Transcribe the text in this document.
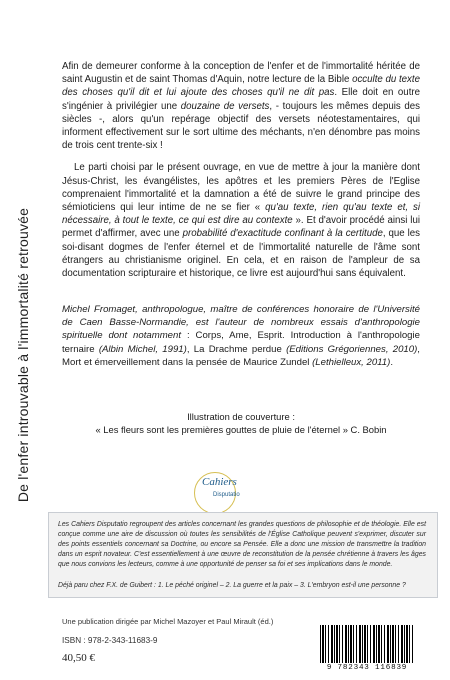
De l'enfer introuvable à l'immortalité retrouvée

Afin de demeurer conforme à la conception de l'enfer et de l'immortalité héritée de saint Augustin et de saint Thomas d'Aquin, notre lecture de la Bible occulte du texte des choses qu'il dit et lui ajoute des choses qu'il ne dit pas. Elle doit en outre s'ingénier à privilégier une douzaine de versets, - toujours les mêmes depuis des siècles -, alors qu'un repérage objectif des versets néotestamentaires, qui informent effectivement sur le sort ultime des méchants, n'en dénombre pas moins de trois cent trente-six !

Le parti choisi par le présent ouvrage, en vue de mettre à jour la manière dont Jésus-Christ, les évangélistes, les apôtres et les premiers Pères de l'Eglise comprenaient l'immortalité et la damnation a été de suivre le grand principe des sémioticiens qui leur intime de ne se fier « qu'au texte, rien qu'au texte et, si nécessaire, à tout le texte, ce qui est dire au contexte ». Et d'avoir procédé ainsi lui permet d'affirmer, avec une probabilité d'exactitude confinant à la certitude, que les soi-disant dogmes de l'enfer éternel et de l'immortalité naturelle de l'âme sont étrangers au christianisme originel. En cela, et en raison de l'ampleur de sa documentation scripturaire et historique, ce livre est aujourd'hui sans équivalent.

Michel Fromaget, anthropologue, maître de conférences honoraire de l'Université de Caen Basse-Normandie, est l'auteur de nombreux essais d'anthropologie spirituelle dont notamment : Corps, Ame, Esprit. Introduction à l'anthropologie ternaire (Albin Michel, 1991), La Drachme perdue (Editions Grégoriennes, 2010), Mort et émerveillement dans la pensée de Maurice Zundel (Lethielleux, 2011).
Illustration de couverture :
« Les fleurs sont les premières gouttes de pluie de l'éternel » C. Bobin
Cahiers
Disputatio
Les Cahiers Disputatio regroupent des articles concernant les grandes questions de philosophie et de théologie. Elle est conçue comme une aire de discussion où toutes les sensibilités de l'Église Catholique peuvent s'exprimer, discuter sur des points essentiels concernant sa Doctrine, ou encore sa Pensée. Elle a donc une mission de transmettre la tradition dans un esprit novateur. C'est essentiellement à une œuvre de reconstitution de la pensée chrétienne à travers les âges que nous convions les lecteurs, comme à une opportunité de penser sa foi et ses implications dans le monde.
Déjà paru chez F.X. de Guibert : 1. Le péché originel – 2. La guerre et la paix – 3. L'embryon est-il une personne ?
Une publication dirigée par Michel Mazoyer et Paul Mirault (éd.)
ISBN : 978-2-343-11683-9
40,50 €
9 782343 116839
